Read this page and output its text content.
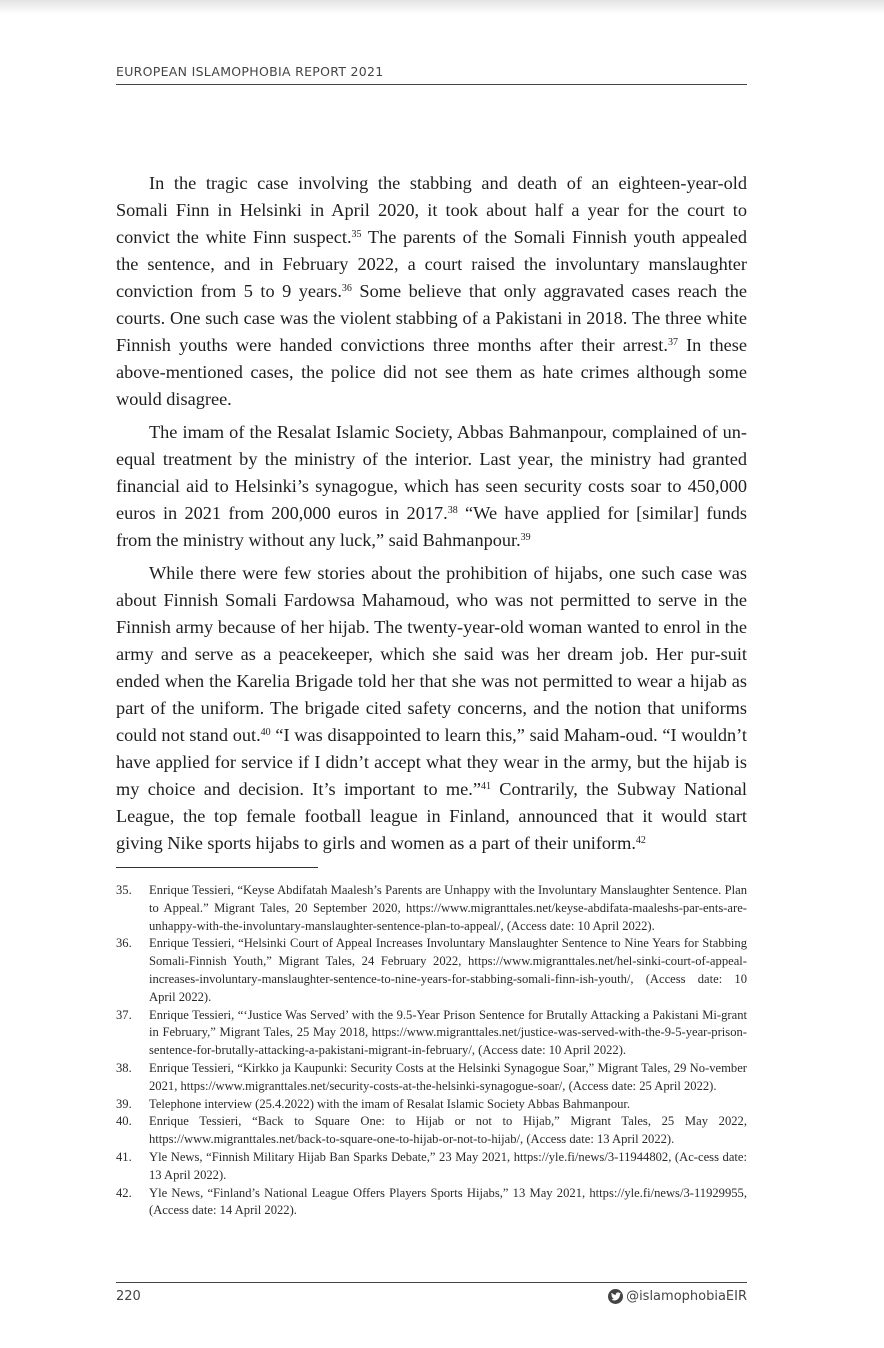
EUROPEAN ISLAMOPHOBIA REPORT 2021

In the tragic case involving the stabbing and death of an eighteen-year-old Somali Finn in Helsinki in April 2020, it took about half a year for the court to convict the white Finn suspect.$^{35}$ The parents of the Somali Finnish youth appealed the sentence, and in February 2022, a court raised the involuntary manslaughter conviction from 5 to 9 years.$^{36}$ Some believe that only aggravated cases reach the courts. One such case was the violent stabbing of a Pakistani in 2018. The three white Finnish youths were handed convictions three months after their arrest.$^{37}$ In these above-mentioned cases, the police did not see them as hate crimes although some would disagree.

The imam of the Resalat Islamic Society, Abbas Bahmanpour, complained of un-equal treatment by the ministry of the interior. Last year, the ministry had granted financial aid to Helsinki’s synagogue, which has seen security costs soar to 450,000 euros in 2021 from 200,000 euros in 2017.38 “We have applied for [similar] funds from the ministry without any luck,” said Bahmanpour.$^{39}$

While there were few stories about the prohibition of hijabs, one such case was about Finnish Somali Fardowsa Mahamoud, who was not permitted to serve in the Finnish army because of her hijab. The twenty-year-old woman wanted to enrol in the army and serve as a peacekeeper, which she said was her dream job. Her pur-suit ended when the Karelia Brigade told her that she was not permitted to wear a hijab as part of the uniform. The brigade cited safety concerns, and the notion that uniforms could not stand out.$^{40}$ “I was disappointed to learn this,” said Maham-oud. “I wouldn’t have applied for service if I didn’t accept what they wear in the army, but the hijab is my choice and decision. It’s important to me.”$^{41}$ Contrarily, the Subway National League, the top female football league in Finland, announced that it would start giving Nike sports hijabs to girls and women as a part of their uniform.$^{42}$

35.	Enrique Tessieri, “Keyse Abdifatah Maalesh’s Parents are Unhappy with the Involuntary Manslaughter Sentence. Plan to Appeal.” Migrant Tales, 20 September 2020, https://www.migranttales.net/keyse-abdifata-maaleshs-par-ents-are-unhappy-with-the-involuntary-manslaughter-sentence-plan-to-appeal/, (Access date: 10 April 2022).
36.	Enrique Tessieri, “Helsinki Court of Appeal Increases Involuntary Manslaughter Sentence to Nine Years for Stabbing Somali-Finnish Youth,” Migrant Tales, 24 February 2022, https://www.migranttales.net/hel-sinki-court-of-appeal-increases-involuntary-manslaughter-sentence-to-nine-years-for-stabbing-somali-finn-ish-youth/, (Access date: 10 April 2022).
37.	Enrique Tessieri, “‘Justice Was Served’ with the 9.5-Year Prison Sentence for Brutally Attacking a Pakistani Mi-grant in February,” Migrant Tales, 25 May 2018, https://www.migranttales.net/justice-was-served-with-the-9-5-year-prison-sentence-for-brutally-attacking-a-pakistani-migrant-in-february/, (Access date: 10 April 2022).
38.	Enrique Tessieri, “Kirkko ja Kaupunki: Security Costs at the Helsinki Synagogue Soar,” Migrant Tales, 29 No-vember 2021, https://www.migranttales.net/security-costs-at-the-helsinki-synagogue-soar/, (Access date: 25 April 2022).
39.	Telephone interview (25.4.2022) with the imam of Resalat Islamic Society Abbas Bahmanpour.
40.	Enrique Tessieri, “Back to Square One: to Hijab or not to Hijab,” Migrant Tales, 25 May 2022, https://www.migranttales.net/back-to-square-one-to-hijab-or-not-to-hijab/, (Access date: 13 April 2022).
41.	Yle News, “Finnish Military Hijab Ban Sparks Debate,” 23 May 2021, https://yle.fi/news/3-11944802, (Ac-cess date: 13 April 2022).
42.	Yle News, “Finland’s National League Offers Players Sports Hijabs,” 13 May 2021, https://yle.fi/news/3-11929955, (Access date: 14 April 2022).
220	@islamophobiaEIR
